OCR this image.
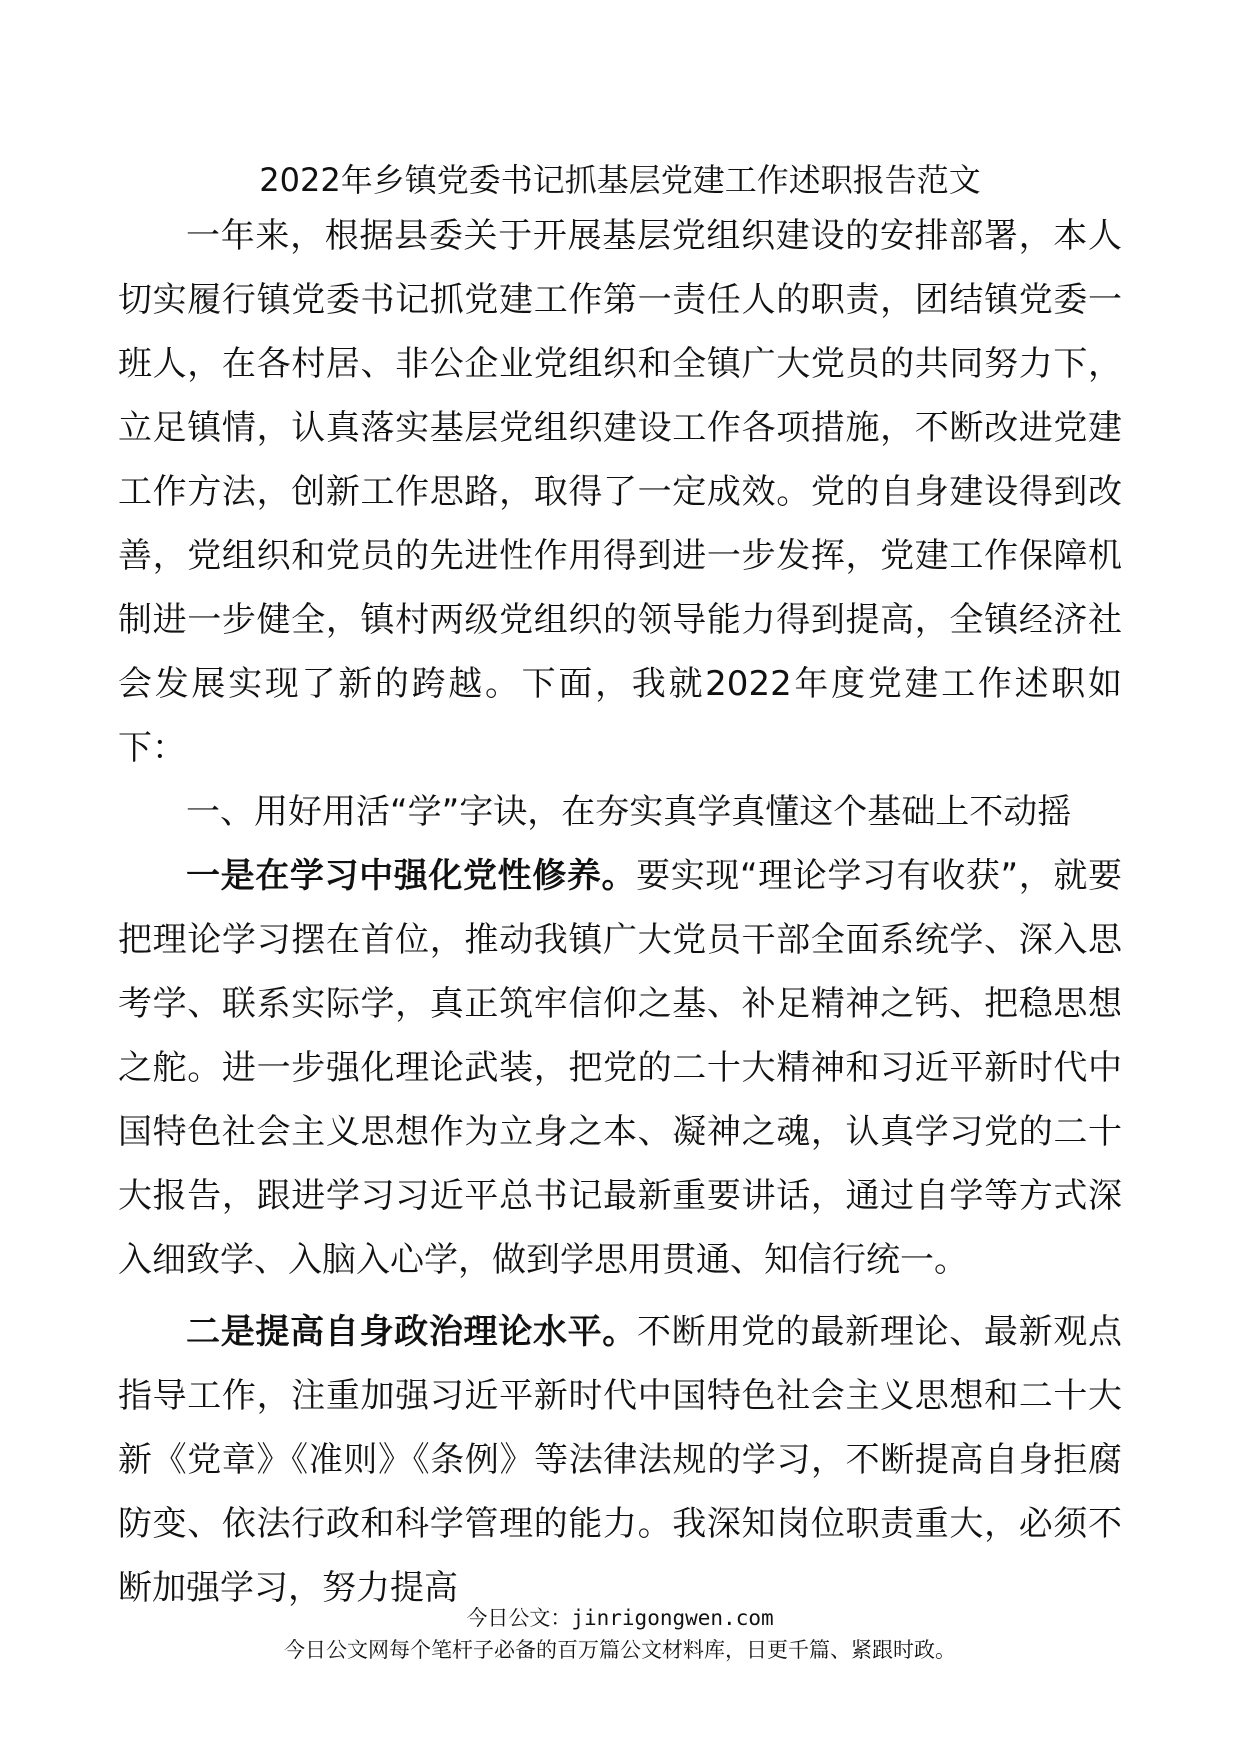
2022年乡镇党委书记抓基层党建工作述职报告范文

一年来，根据县委关于开展基层党组织建设的安排部署，本人切实履行镇党委书记抓党建工作第一责任人的职责，团结镇党委一班人，在各村居、非公企业党组织和全镇广大党员的共同努力下，立足镇情，认真落实基层党组织建设工作各项措施，不断改进党建工作方法，创新工作思路，取得了一定成效。党的自身建设得到改善，党组织和党员的先进性作用得到进一步发挥，党建工作保障机制进一步健全，镇村两级党组织的领导能力得到提高，全镇经济社会发展实现了新的跨越。下面，我就2022年度党建工作述职如下：

一、用好用活“学”字诀，在夯实真学真懂这个基础上不动摇

一是在学习中强化党性修养。要实现“理论学习有收获”，就要把理论学习摆在首位，推动我镇广大党员干部全面系统学、深入思考学、联系实际学，真正筑牢信仰之基、补足精神之钙、把稳思想之舵。进一步强化理论武装，把党的二十大精神和习近平新时代中国特色社会主义思想作为立身之本、凝神之魂，认真学习党的二十大报告，跟进学习习近平总书记最新重要讲话，通过自学等方式深入细致学、入脑入心学，做到学思用贯通、知信行统一。

二是提高自身政治理论水平。不断用党的最新理论、最新观点指导工作，注重加强习近平新时代中国特色社会主义思想和二十大新《党章》《准则》《条例》等法律法规的学习，不断提高自身拒腐防变、依法行政和科学管理的能力。我深知岗位职责重大，必须不断加强学习，努力提高

今日公文：jinrigongwen.com
今日公文网每个笔杆子必备的百万篇公文材料库，日更千篇、紧跟时政。
